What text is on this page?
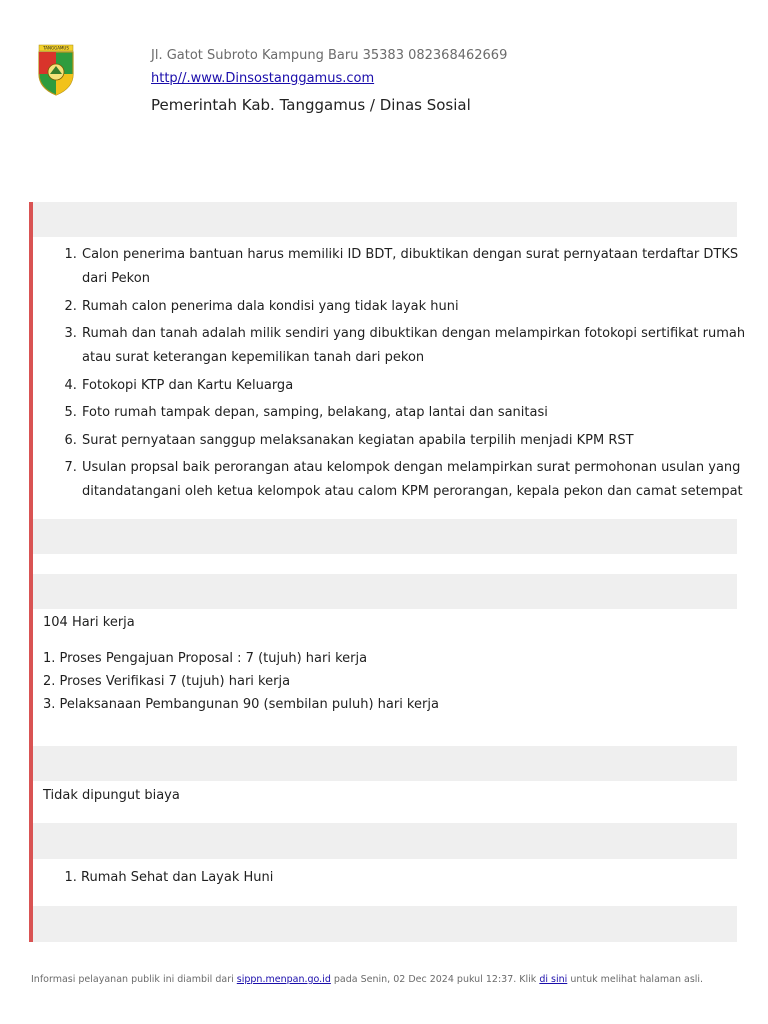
TANGGAMUS	Jl. Gatot Subroto Kampung Baru 35383 082368462669
http//.www.Dinsostanggamus.com
Pemerintah Kab. Tanggamus / Dinas Sosial
1. Calon penerima bantuan harus memiliki ID BDT, dibuktikan dengan surat pernyataan terdaftar DTKS dari Pekon
2. Rumah calon penerima dala kondisi yang tidak layak huni
3. Rumah dan tanah adalah milik sendiri yang dibuktikan dengan melampirkan fotokopi sertifikat rumah atau surat keterangan kepemilikan tanah dari pekon
4. Fotokopi KTP dan Kartu Keluarga
5. Foto rumah tampak depan, samping, belakang, atap lantai dan sanitasi
6. Surat pernyataan sanggup melaksanakan kegiatan apabila terpilih menjadi KPM RST
7. Usulan propsal baik perorangan atau kelompok dengan melampirkan surat permohonan usulan yang ditandatangani oleh ketua kelompok atau calom KPM perorangan, kepala pekon dan camat setempat
104 Hari kerja
1. Proses Pengajuan Proposal : 7 (tujuh) hari kerja
2. Proses Verifikasi 7 (tujuh) hari kerja
3. Pelaksanaan Pembangunan 90 (sembilan puluh) hari kerja
Tidak dipungut biaya
1. Rumah Sehat dan Layak Huni
Informasi pelayanan publik ini diambil dari sippn.menpan.go.id pada Senin, 02 Dec 2024 pukul 12:37. Klik di sini untuk melihat halaman asli.
